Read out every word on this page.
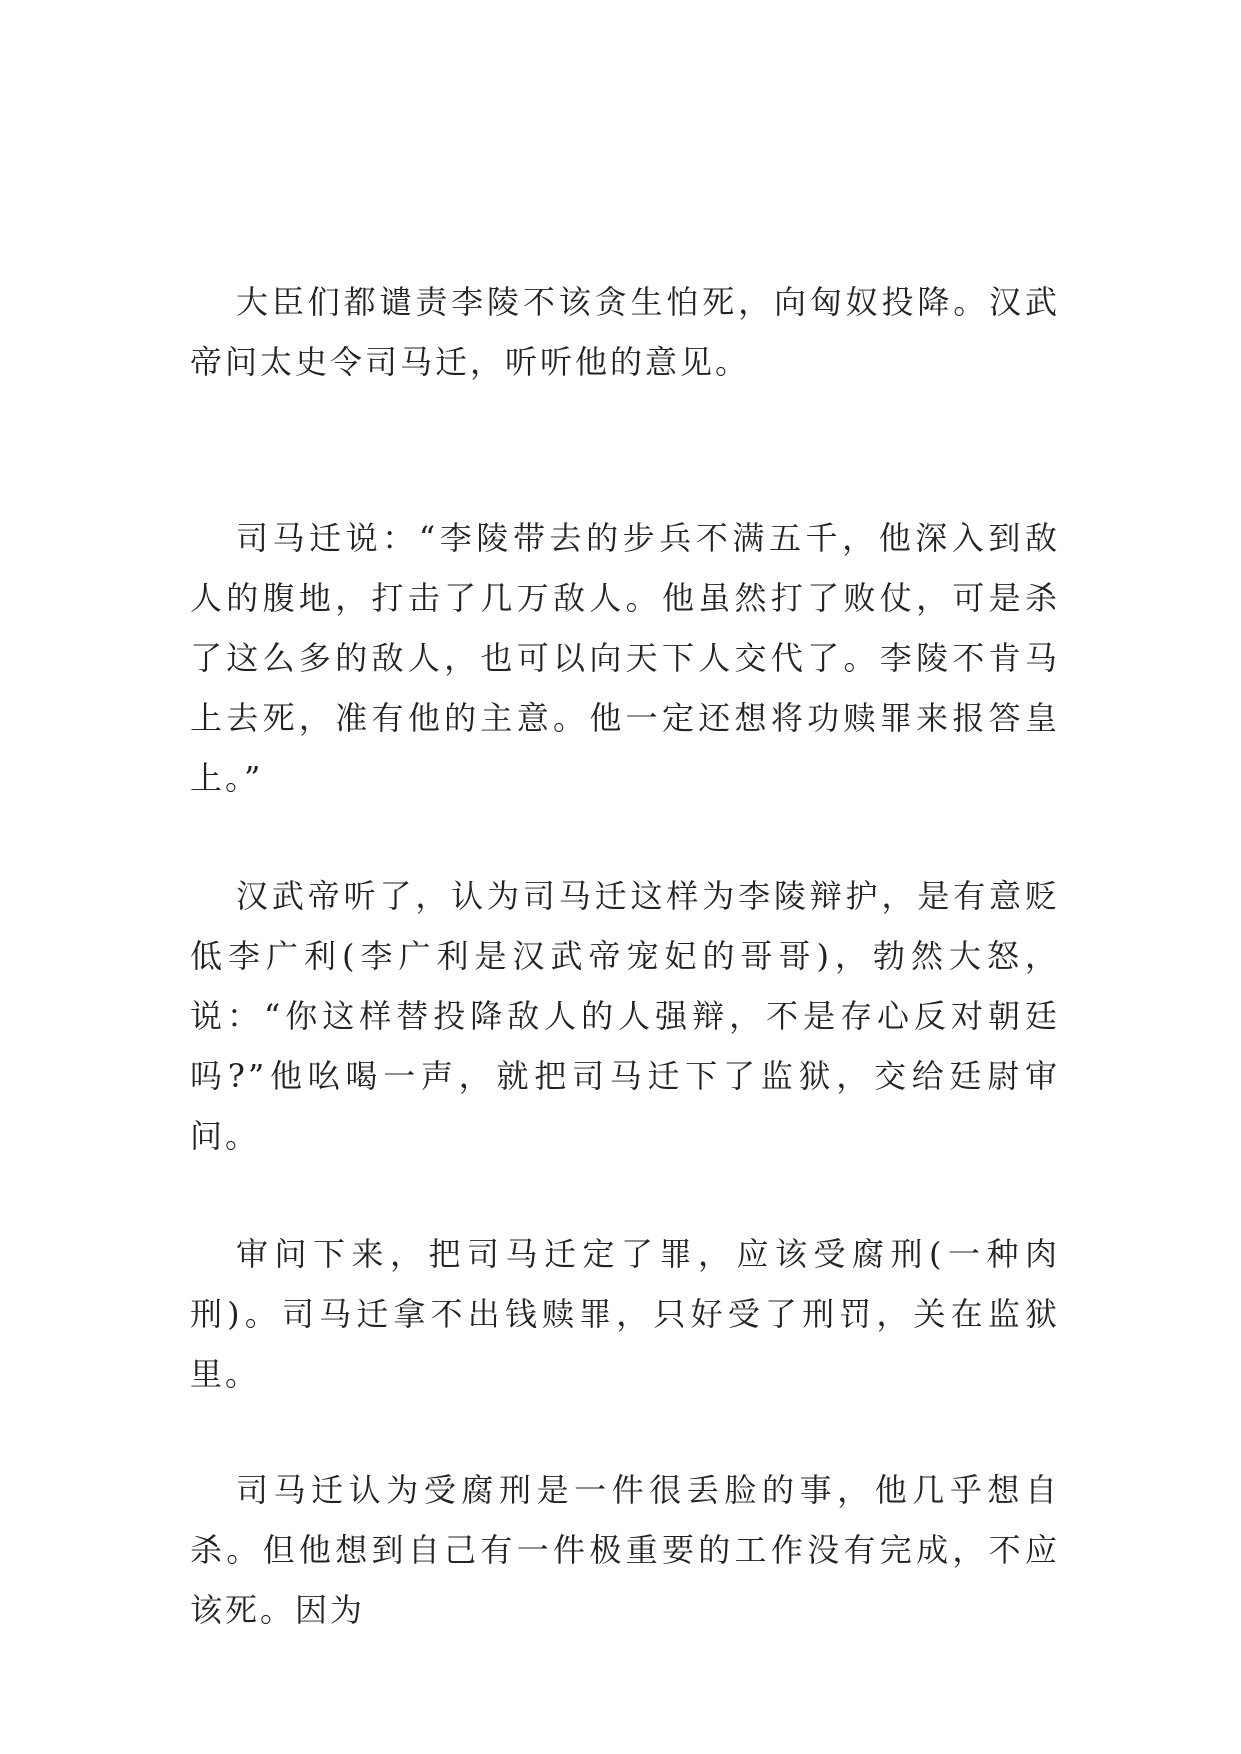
大臣们都谴责李陵不该贪生怕死，向匈奴投降。汉武帝问太史令司马迁，听听他的意见。

司马迁说：“李陵带去的步兵不满五千，他深入到敌人的腹地，打击了几万敌人。他虽然打了败仗，可是杀了这么多的敌人，也可以向天下人交代了。李陵不肯马上去死，准有他的主意。他一定还想将功赎罪来报答皇上。”

汉武帝听了，认为司马迁这样为李陵辩护，是有意贬低李广利(李广利是汉武帝宠妃的哥哥)，勃然大怒，说：“你这样替投降敌人的人强辩，不是存心反对朝廷吗?”他吆喝一声，就把司马迁下了监狱，交给廷尉审问。

审问下来，把司马迁定了罪，应该受腐刑(一种肉刑)。司马迁拿不出钱赎罪，只好受了刑罚，关在监狱里。

司马迁认为受腐刑是一件很丢脸的事，他几乎想自杀。但他想到自己有一件极重要的工作没有完成，不应该死。因为
